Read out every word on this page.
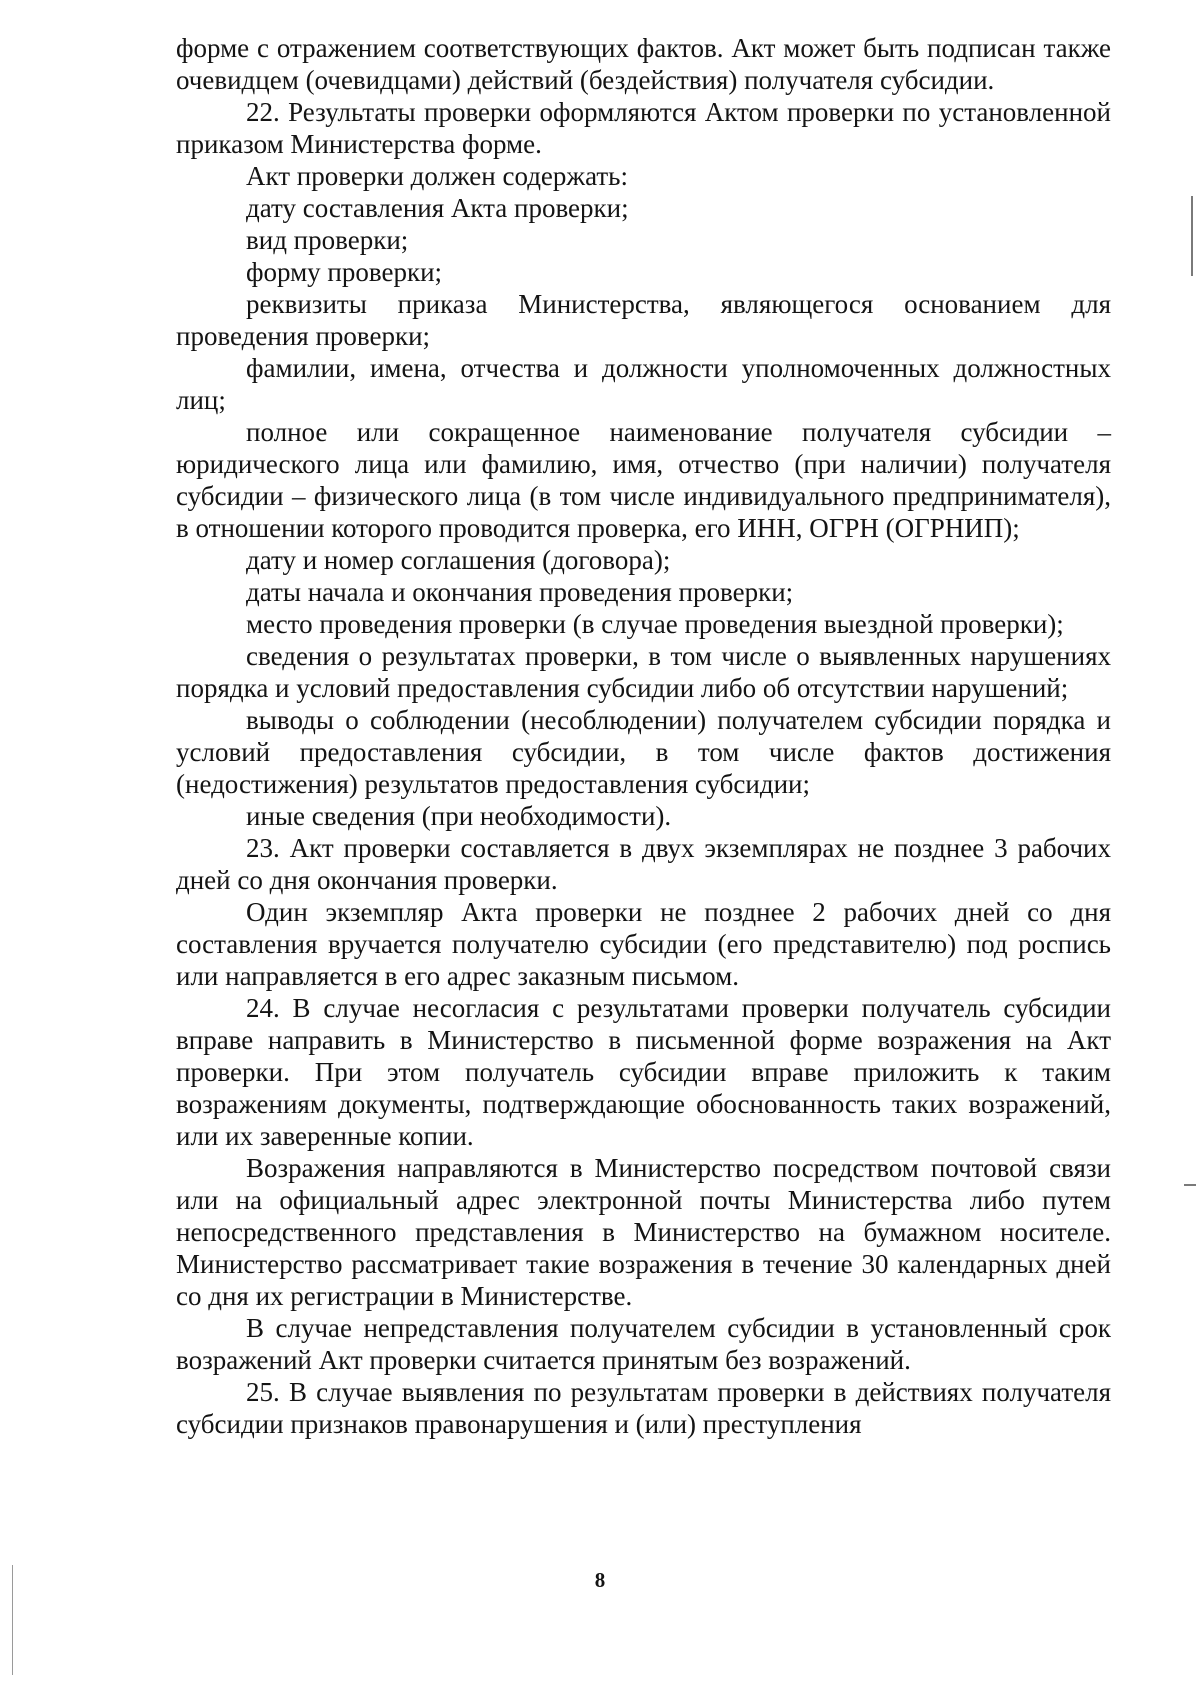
форме с отражением соответствующих фактов. Акт может быть подписан также очевидцем (очевидцами) действий (бездействия) получателя субсидии.

22. Результаты проверки оформляются Актом проверки по установленной приказом Министерства форме.

Акт проверки должен содержать:

дату составления Акта проверки;

вид проверки;

форму проверки;

реквизиты приказа Министерства, являющегося основанием для проведения проверки;

фамилии, имена, отчества и должности уполномоченных должностных лиц;

полное или сокращенное наименование получателя субсидии – юридического лица или фамилию, имя, отчество (при наличии) получателя субсидии – физического лица (в том числе индивидуального предпринимателя), в отношении которого проводится проверка, его ИНН, ОГРН (ОГРНИП);

дату и номер соглашения (договора);

даты начала и окончания проведения проверки;

место проведения проверки (в случае проведения выездной проверки);

сведения о результатах проверки, в том числе о выявленных нарушениях порядка и условий предоставления субсидии либо об отсутствии нарушений;

выводы о соблюдении (несоблюдении) получателем субсидии порядка и условий предоставления субсидии, в том числе фактов достижения (недостижения) результатов предоставления субсидии;

иные сведения (при необходимости).

23. Акт проверки составляется в двух экземплярах не позднее 3 рабочих дней со дня окончания проверки.

Один экземпляр Акта проверки не позднее 2 рабочих дней со дня составления вручается получателю субсидии (его представителю) под роспись или направляется в его адрес заказным письмом.

24. В случае несогласия с результатами проверки получатель субсидии вправе направить в Министерство в письменной форме возражения на Акт проверки. При этом получатель субсидии вправе приложить к таким возражениям документы, подтверждающие обоснованность таких возражений, или их заверенные копии.

Возражения направляются в Министерство посредством почтовой связи или на официальный адрес электронной почты Министерства либо путем непосредственного представления в Министерство на бумажном носителе. Министерство рассматривает такие возражения в течение 30 календарных дней со дня их регистрации в Министерстве.

В случае непредставления получателем субсидии в установленный срок возражений Акт проверки считается принятым без возражений.

25. В случае выявления по результатам проверки в действиях получателя субсидии признаков правонарушения и (или) преступления

8
